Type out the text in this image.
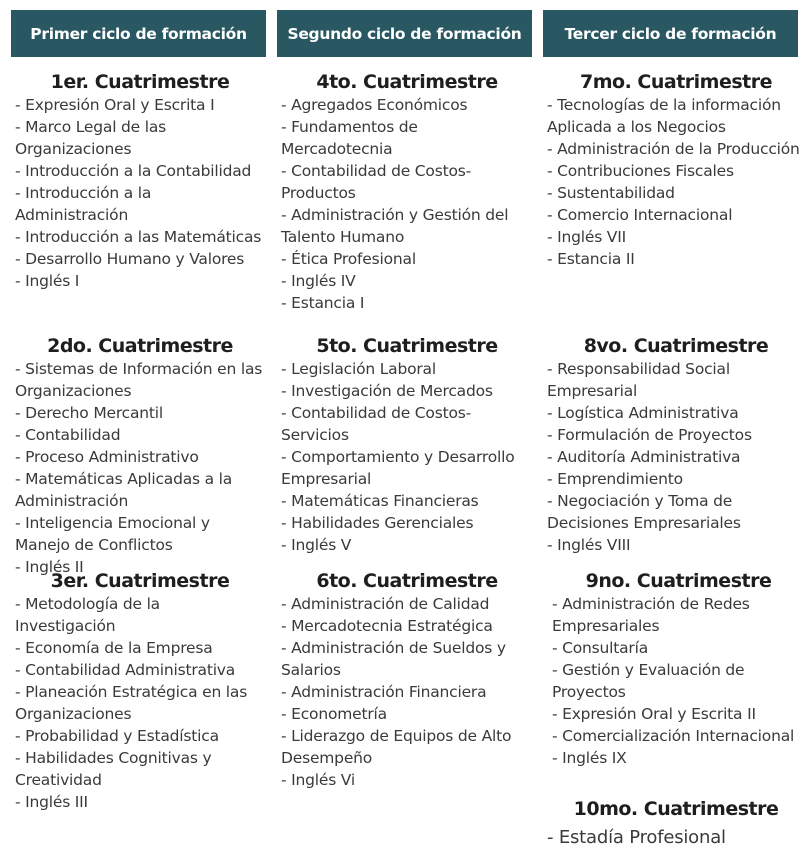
Primer ciclo de formación	Segundo ciclo de formación	Tercer ciclo de formación
1er. Cuatrimestre
- Expresión Oral y Escrita I
- Marco Legal de las Organizaciones
- Introducción a la Contabilidad
- Introducción a la Administración
- Introducción a las Matemáticas
- Desarrollo Humano y Valores
- Inglés I
2do. Cuatrimestre
- Sistemas de Información en las Organizaciones
- Derecho Mercantil
- Contabilidad
- Proceso Administrativo
- Matemáticas Aplicadas a la Administración
- Inteligencia Emocional y Manejo de Conflictos
- Inglés II
3er. Cuatrimestre
- Metodología de la Investigación
- Economía de la Empresa
- Contabilidad Administrativa
- Planeación Estratégica en las Organizaciones
- Probabilidad y Estadística
- Habilidades Cognitivas y Creatividad
- Inglés III
4to. Cuatrimestre
- Agregados Económicos
- Fundamentos de Mercadotecnia
- Contabilidad de Costos-Productos
- Administración y Gestión del Talento Humano
- Ética Profesional
- Inglés IV
- Estancia I
5to. Cuatrimestre
- Legislación Laboral
- Investigación de Mercados
- Contabilidad de Costos-Servicios
- Comportamiento y Desarrollo Empresarial
- Matemáticas Financieras
- Habilidades Gerenciales
- Inglés V
6to. Cuatrimestre
- Administración de Calidad
- Mercadotecnia Estratégica
- Administración de Sueldos y Salarios
- Administración Financiera
- Econometría
- Liderazgo de Equipos de Alto Desempeño
- Inglés Vi
7mo. Cuatrimestre
- Tecnologías de la información Aplicada a los Negocios
- Administración de la Producción
- Contribuciones Fiscales
- Sustentabilidad
- Comercio Internacional
- Inglés VII
- Estancia II
8vo. Cuatrimestre
- Responsabilidad Social Empresarial
- Logística Administrativa
- Formulación de Proyectos
- Auditoría Administrativa
- Emprendimiento
- Negociación y Toma de Decisiones Empresariales
- Inglés VIII
9no. Cuatrimestre
- Administración de Redes Empresariales
- Consultaría
- Gestión y Evaluación de Proyectos
- Expresión Oral y Escrita II
- Comercialización Internacional
- Inglés IX
10mo. Cuatrimestre
- Estadía Profesional
